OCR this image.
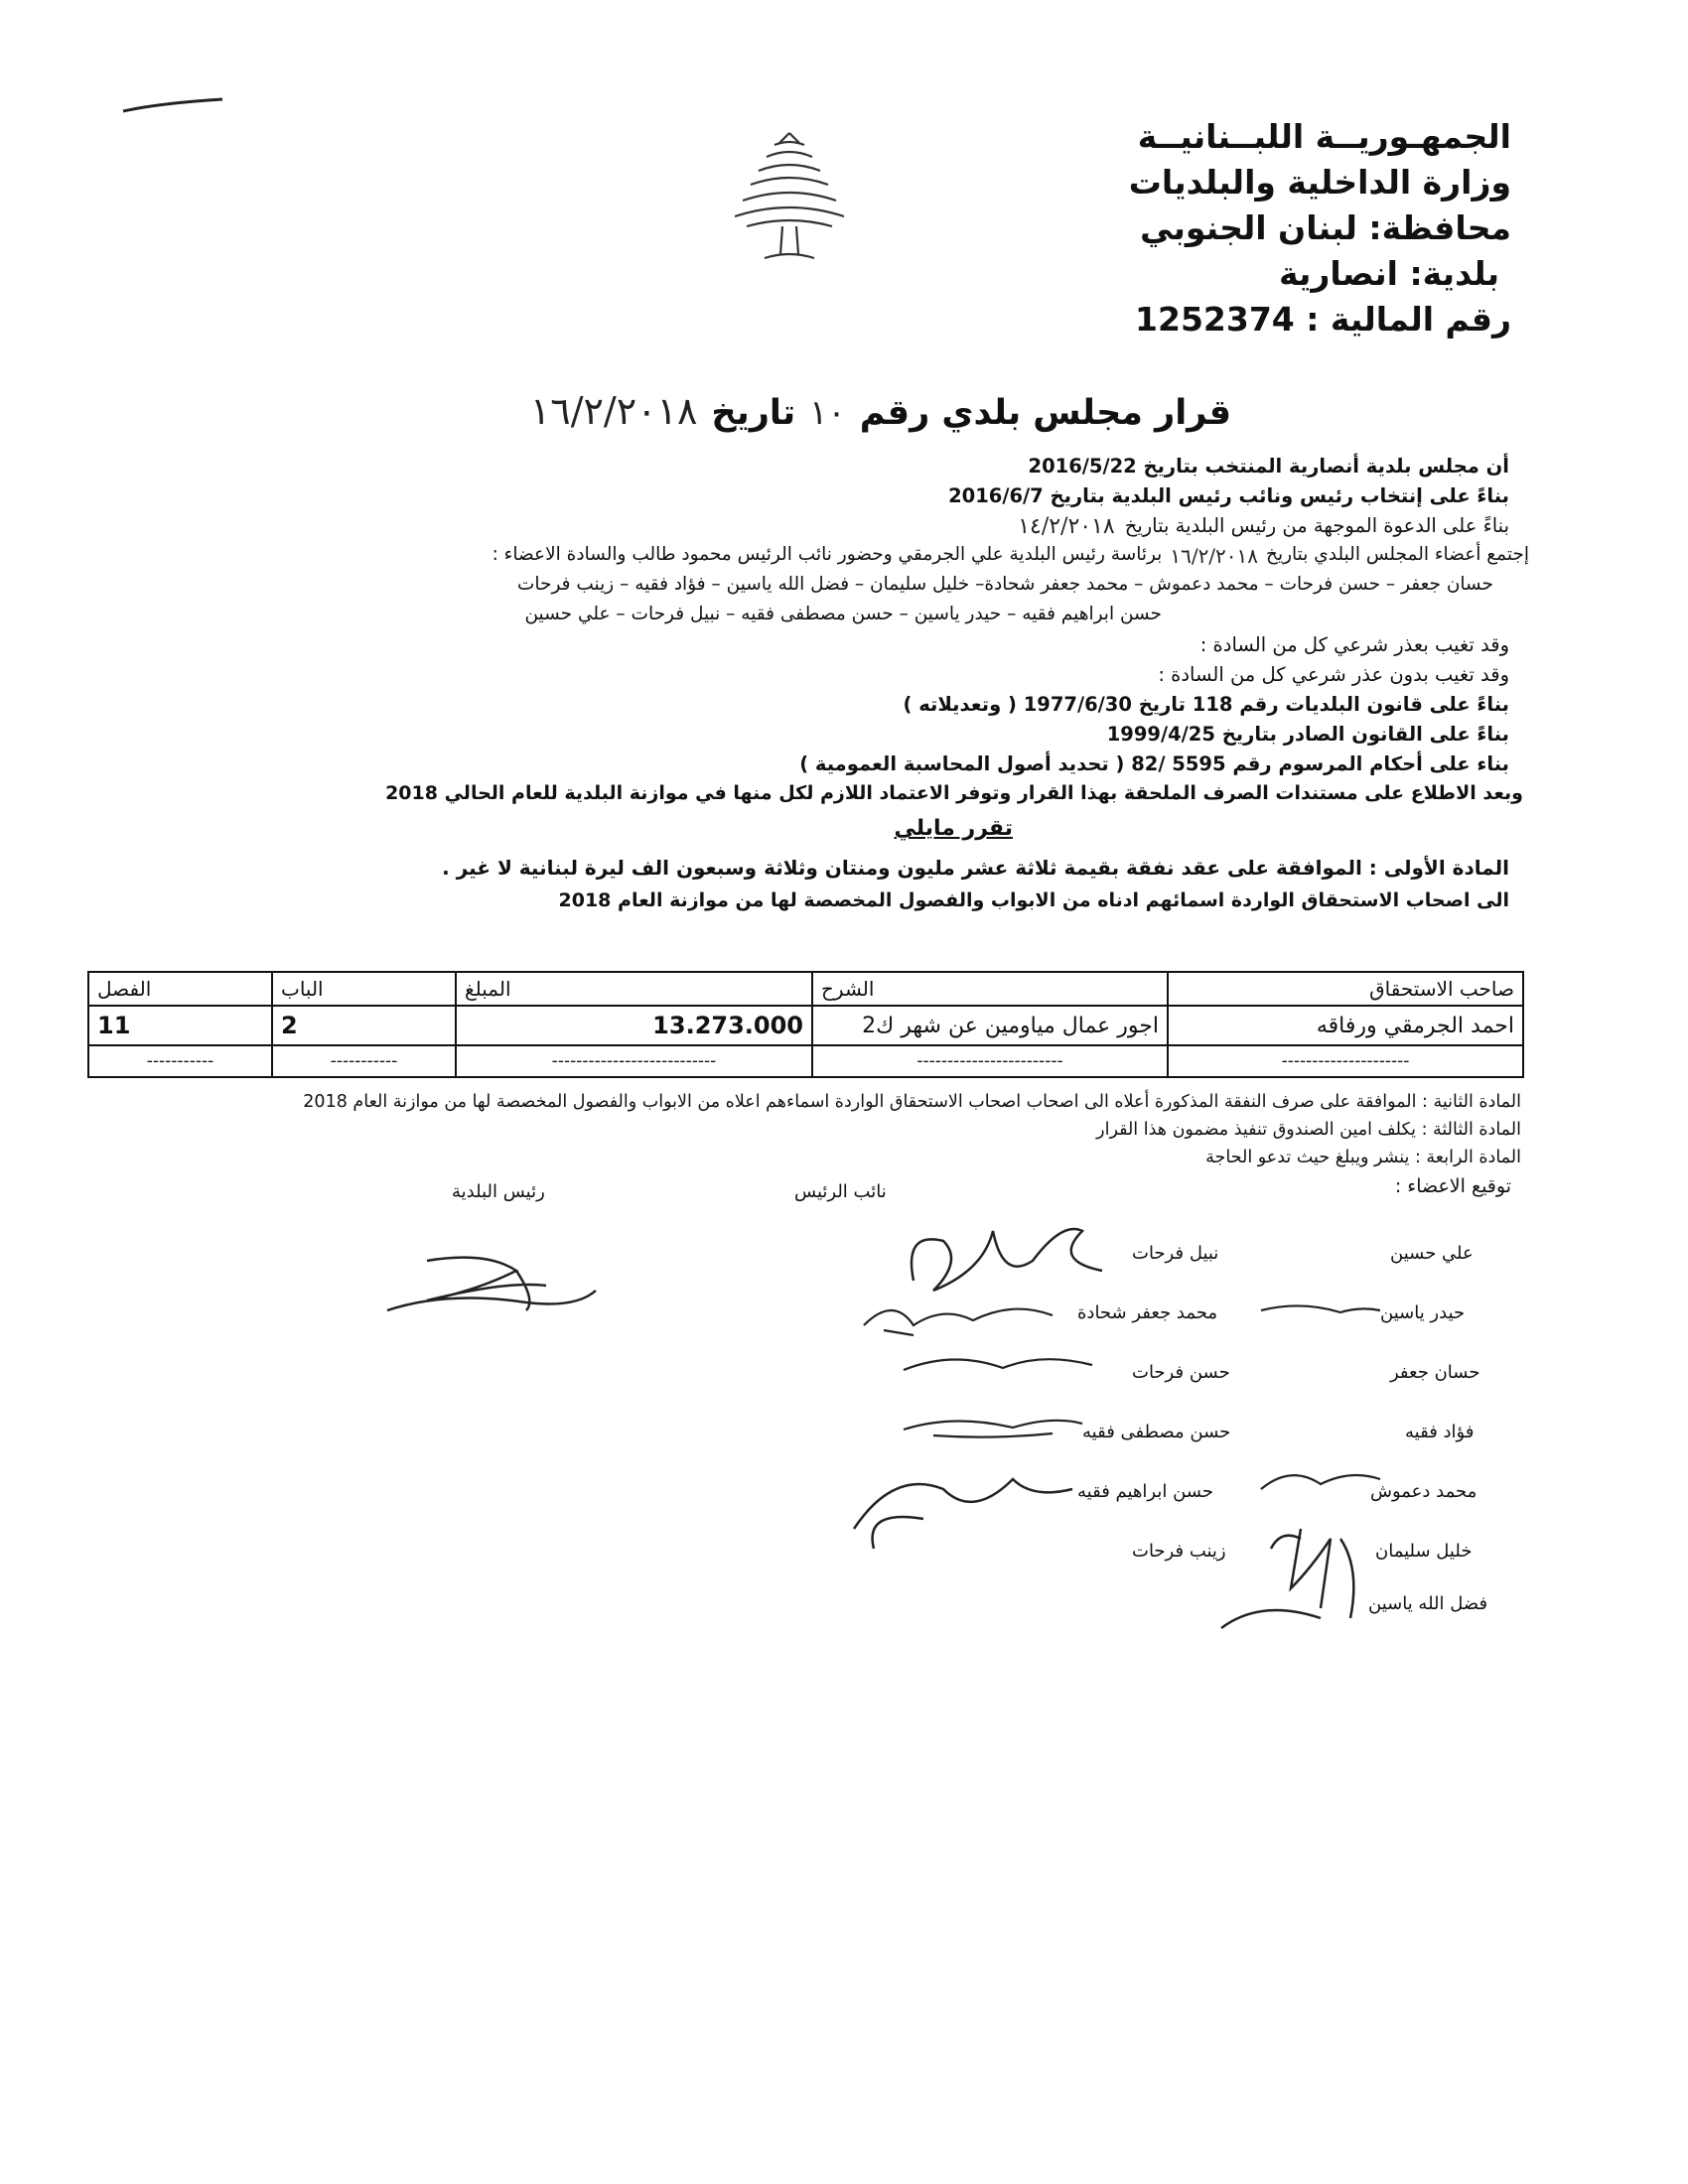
الجمهـوريــة اللبــنانيــة
وزارة الداخلية والبلديات
محافظة: لبنان الجنوبي
بلدية: انصارية
رقم المالية : 1252374
قرار مجلس بلدي رقم
١٠
تاريخ
١٦/٢/٢٠١٨
أن مجلس بلدية أنصارية المنتخب بتاريخ 2016/5/22
بناءً على إنتخاب رئيس ونائب رئيس البلدية بتاريخ 2016/6/7
بناءً على الدعوة الموجهة من رئيس البلدية بتاريخ
١٤/٢/٢٠١٨
إجتمع أعضاء المجلس البلدي بتاريخ
١٦/٢/٢٠١٨
برئاسة رئيس البلدية علي الجرمقي وحضور نائب الرئيس محمود طالب والسادة الاعضاء :
حسان جعفر – حسن فرحات – محمد دعموش – محمد جعفر شحادة– خليل سليمان – فضل الله ياسين – فؤاد فقيه – زينب فرحات
حسن ابراهيم فقيه – حيدر ياسين – حسن مصطفى فقيه – نبيل فرحات – علي حسين
وقد تغيب بعذر شرعي كل من السادة :
وقد تغيب بدون عذر شرعي كل من السادة :
بناءً على قانون البلديات رقم 118 تاريخ 1977/6/30 ( وتعديلاته )
بناءً على القانون الصادر بتاريخ 1999/4/25
بناء على أحكام المرسوم رقم 5595 /82 ( تحديد أصول المحاسبة العمومية )
وبعد الاطلاع على مستندات الصرف الملحقة بهذا القرار وتوفر الاعتماد اللازم لكل منها في موازنة البلدية للعام الحالي 2018
تقرر مايلي
المادة الأولى : الموافقة على عقد نفقة بقيمة ثلاثة عشر مليون ومنتان وثلاثة وسبعون الف ليرة لبنانية لا غير .
الى اصحاب الاستحقاق الواردة اسمائهم ادناه من الابواب والفصول المخصصة لها من موازنة العام 2018
صاحب الاستحقاق	الشرح	المبلغ	الباب	الفصل
احمد الجرمقي ورفاقه	اجور عمال مياومين عن شهر ك2	13.273.000	2	11
---------------------	------------------------	---------------------------	-----------	-----------
المادة الثانية : الموافقة على صرف النفقة المذكورة أعلاه الى اصحاب اصحاب الاستحقاق الواردة اسماءهم اعلاه من الابواب والفصول المخصصة لها من موازنة العام 2018
المادة الثالثة : يكلف امين الصندوق تنفيذ مضمون هذا القرار
المادة الرابعة : ينشر ويبلغ حيث تدعو الحاجة
توقيع الاعضاء :
نائب الرئيس
رئيس البلدية
علي حسين
حيدر ياسين
حسان جعفر
فؤاد فقيه
محمد دعموش
خليل سليمان
فضل الله ياسين
نبيل فرحات
محمد جعفر شحادة
حسن فرحات
حسن مصطفى فقيه
حسن ابراهيم فقيه
زينب فرحات
